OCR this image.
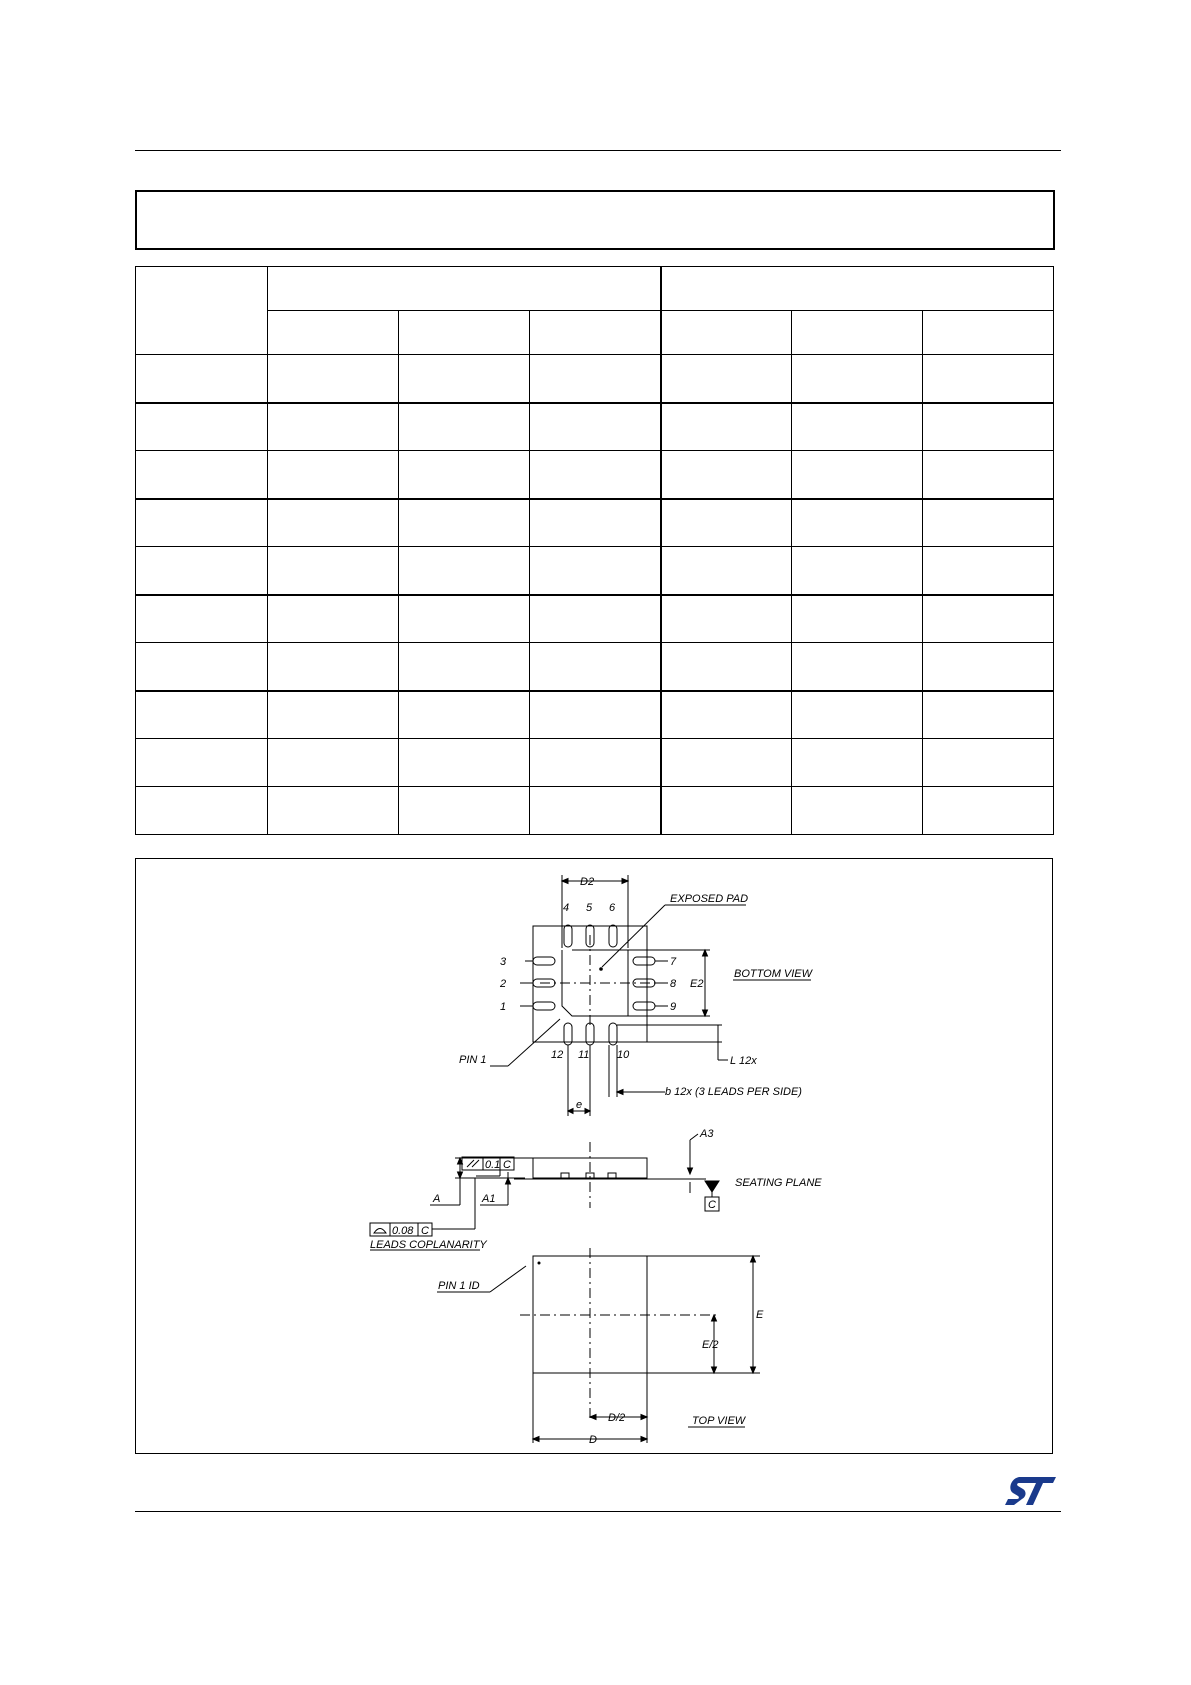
D2
EXPOSED PAD
BOTTOM VIEW
4 5 6
3
2
1
7
8
9
E2
12 11	10
PIN 1	L 12x
b 12x (3 LEADS PER SIDE)
e
0.1 C
A3
A	A1
SEATING PLANE
C
0.08 C
LEADS COPLANARITY
PIN 1 ID
E
E/2
D/2
D
TOP VIEW
